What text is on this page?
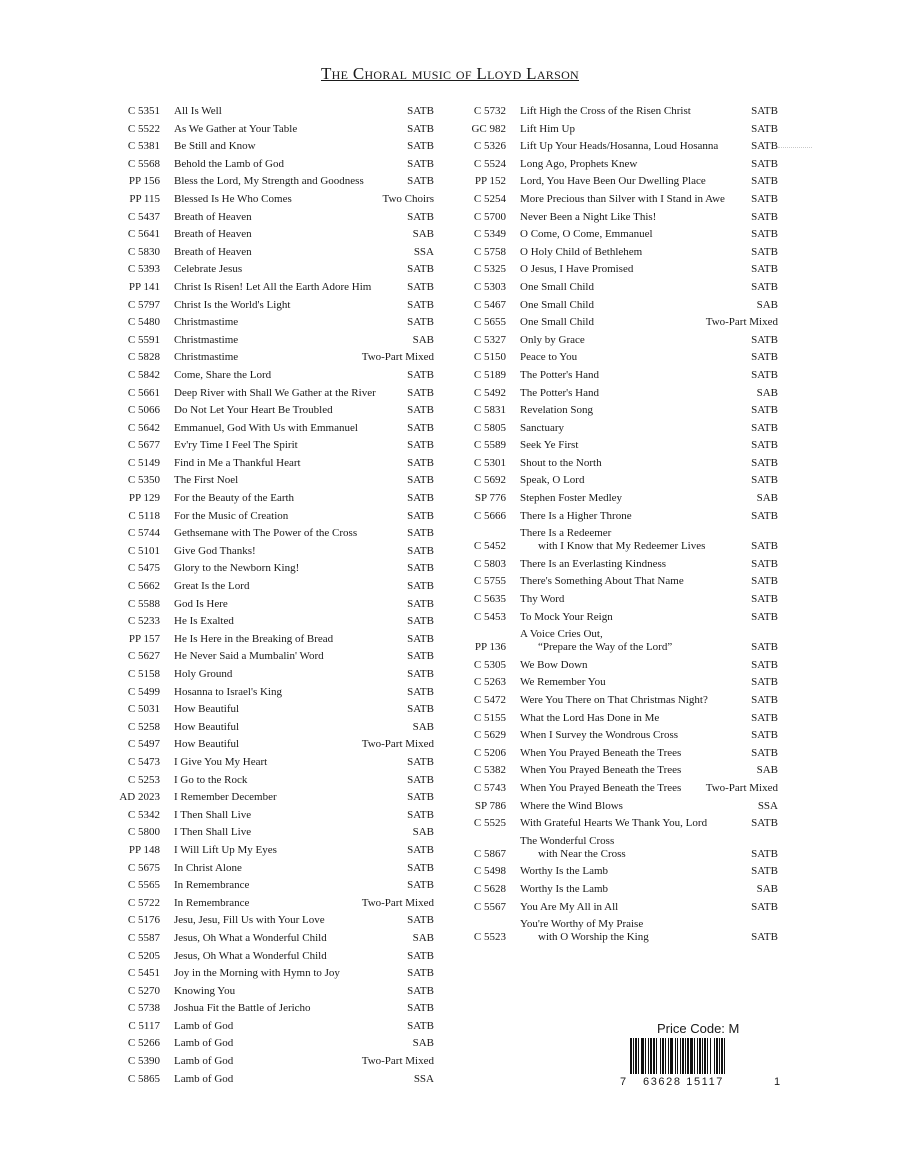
The Choral music of Lloyd Larson
C 5351	All Is Well	SATB
C 5522	As We Gather at Your Table	SATB
C 5381	Be Still and Know	SATB
C 5568	Behold the Lamb of God	SATB
PP 156	Bless the Lord, My Strength and Goodness	SATB
PP 115	Blessed Is He Who Comes	Two Choirs
C 5437	Breath of Heaven	SATB
C 5641	Breath of Heaven	SAB
C 5830	Breath of Heaven	SSA
C 5393	Celebrate Jesus	SATB
PP 141	Christ Is Risen! Let All the Earth Adore Him	SATB
C 5797	Christ Is the World's Light	SATB
C 5480	Christmastime	SATB
C 5591	Christmastime	SAB
C 5828	Christmastime	Two-Part Mixed
C 5842	Come, Share the Lord	SATB
C 5661	Deep River with Shall We Gather at the River	SATB
C 5066	Do Not Let Your Heart Be Troubled	SATB
C 5642	Emmanuel, God With Us with Emmanuel	SATB
C 5677	Ev'ry Time I Feel The Spirit	SATB
C 5149	Find in Me a Thankful Heart	SATB
C 5350	The First Noel	SATB
PP 129	For the Beauty of the Earth	SATB
C 5118	For the Music of Creation	SATB
C 5744	Gethsemane with The Power of the Cross	SATB
C 5101	Give God Thanks!	SATB
C 5475	Glory to the Newborn King!	SATB
C 5662	Great Is the Lord	SATB
C 5588	God Is Here	SATB
C 5233	He Is Exalted	SATB
PP 157	He Is Here in the Breaking of Bread	SATB
C 5627	He Never Said a Mumbalin' Word	SATB
C 5158	Holy Ground	SATB
C 5499	Hosanna to Israel's King	SATB
C 5031	How Beautiful	SATB
C 5258	How Beautiful	SAB
C 5497	How Beautiful	Two-Part Mixed
C 5473	I Give You My Heart	SATB
C 5253	I Go to the Rock	SATB
AD 2023	I Remember December	SATB
C 5342	I Then Shall Live	SATB
C 5800	I Then Shall Live	SAB
PP 148	I Will Lift Up My Eyes	SATB
C 5675	In Christ Alone	SATB
C 5565	In Remembrance	SATB
C 5722	In Remembrance	Two-Part Mixed
C 5176	Jesu, Jesu, Fill Us with Your Love	SATB
C 5587	Jesus, Oh What a Wonderful Child	SAB
C 5205	Jesus, Oh What a Wonderful Child	SATB
C 5451	Joy in the Morning with Hymn to Joy	SATB
C 5270	Knowing You	SATB
C 5738	Joshua Fit the Battle of Jericho	SATB
C 5117	Lamb of God	SATB
C 5266	Lamb of God	SAB
C 5390	Lamb of God	Two-Part Mixed
C 5865	Lamb of God	SSA
C 5732	Lift High the Cross of the Risen Christ	SATB
GC 982	Lift Him Up	SATB
C 5326	Lift Up Your Heads/Hosanna, Loud Hosanna	SATB
C 5524	Long Ago, Prophets Knew	SATB
PP 152	Lord, You Have Been Our Dwelling Place	SATB
C 5254	More Precious than Silver with I Stand in Awe	SATB
C 5700	Never Been a Night Like This!	SATB
C 5349	O Come, O Come, Emmanuel	SATB
C 5758	O Holy Child of Bethlehem	SATB
C 5325	O Jesus, I Have Promised	SATB
C 5303	One Small Child	SATB
C 5467	One Small Child	SAB
C 5655	One Small Child	Two-Part Mixed
C 5327	Only by Grace	SATB
C 5150	Peace to You	SATB
C 5189	The Potter's Hand	SATB
C 5492	The Potter's Hand	SAB
C 5831	Revelation Song	SATB
C 5805	Sanctuary	SATB
C 5589	Seek Ye First	SATB
C 5301	Shout to the North	SATB
C 5692	Speak, O Lord	SATB
SP 776	Stephen Foster Medley	SAB
C 5666	There Is a Higher Throne	SATB
C 5452
There Is a Redeemer
with I Know that My Redeemer Lives	SATB
C 5803	There Is an Everlasting Kindness	SATB
C 5755	There's Something About That Name	SATB
C 5635	Thy Word	SATB
C 5453	To Mock Your Reign	SATB
PP 136
A Voice Cries Out,
“Prepare the Way of the Lord”	SATB
C 5305	We Bow Down	SATB
C 5263	We Remember You	SATB
C 5472	Were You There on That Christmas Night?	SATB
C 5155	What the Lord Has Done in Me	SATB
C 5629	When I Survey the Wondrous Cross	SATB
C 5206	When You Prayed Beneath the Trees	SATB
C 5382	When You Prayed Beneath the Trees	SAB
C 5743	When You Prayed Beneath the Trees	Two-Part Mixed
SP 786	Where the Wind Blows	SSA
C 5525	With Grateful Hearts We Thank You, Lord	SATB
C 5867
The Wonderful Cross
with Near the Cross	SATB
C 5498	Worthy Is the Lamb	SATB
C 5628	Worthy Is the Lamb	SAB
C 5567	You Are My All in All	SATB
C 5523
You're Worthy of My Praise
with O Worship the King	SATB
Price Code: M
7 63628 15117	1
